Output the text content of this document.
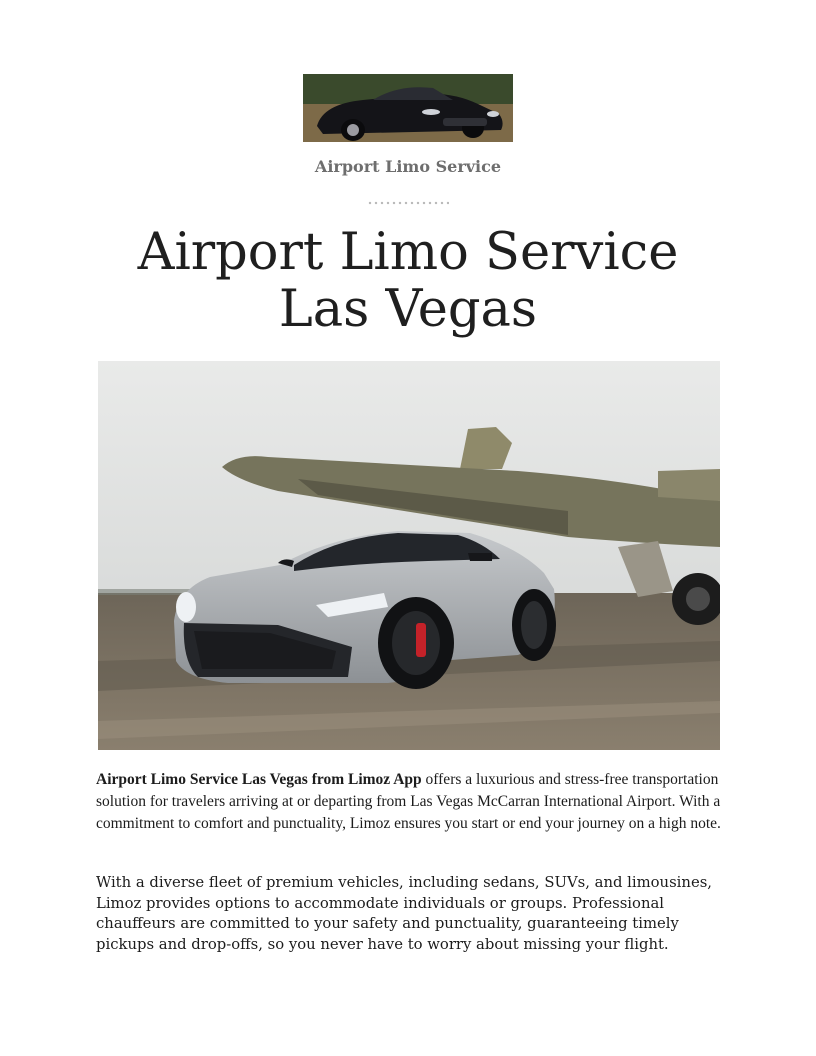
Airport Limo Service
Airport Limo Service
Las Vegas

Airport Limo Service Las Vegas from Limoz App offers a luxurious and stress-free transportation solution for travelers arriving at or departing from Las Vegas McCarran International Airport. With a commitment to comfort and punctuality, Limoz ensures you start or end your journey on a high note.

With a diverse fleet of premium vehicles, including sedans, SUVs, and limousines, Limoz provides options to accommodate individuals or groups. Professional chauffeurs are committed to your safety and punctuality, guaranteeing timely pickups and drop-offs, so you never have to worry about missing your flight.
